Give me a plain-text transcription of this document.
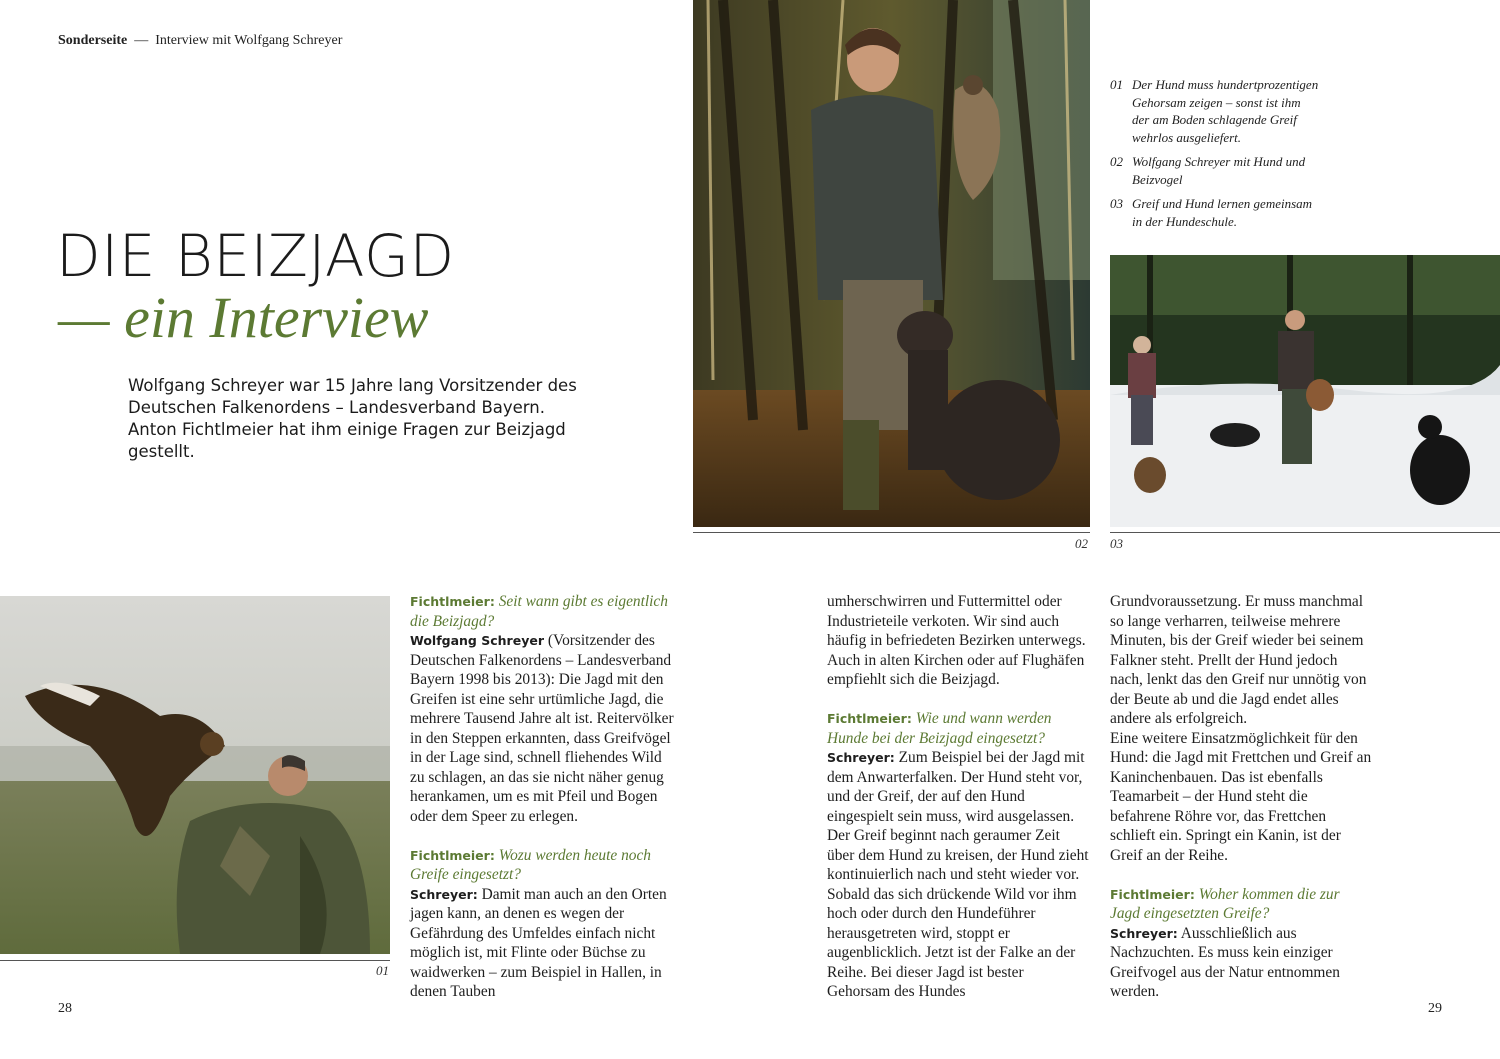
Sonderseite — Interview mit Wolfgang Schreyer
DIE BEIZJAGD
— ein Interview
Wolfgang Schreyer war 15 Jahre lang Vorsitzender des Deutschen Falkenordens – Landesverband Bayern. Anton Fichtlmeier hat ihm einige Fragen zur Beizjagd gestellt.
02 03
01 Der Hund muss hundertprozentigen Gehorsam zeigen – sonst ist ihm der am Boden schlagende Greif wehrlos ausgeliefert.
02 Wolfgang Schreyer mit Hund und Beizvogel
03 Greif und Hund lernen gemeinsam in der Hundeschule.
01

Fichtlmeier: Seit wann gibt es eigentlich die Beizjagd?

Wolfgang Schreyer (Vorsitzender des Deutschen Falkenordens – Landesverband Bayern 1998 bis 2013): Die Jagd mit den Greifen ist eine sehr urtümliche Jagd, die mehrere Tausend Jahre alt ist. Reitervölker in den Steppen erkannten, dass Greifvögel in der Lage sind, schnell fliehendes Wild zu schlagen, an das sie nicht näher genug herankamen, um es mit Pfeil und Bogen oder dem Speer zu erlegen.

Fichtlmeier: Wozu werden heute noch Greife eingesetzt?

Schreyer: Damit man auch an den Orten jagen kann, an denen es wegen der Gefährdung des Umfeldes einfach nicht möglich ist, mit Flinte oder Büchse zu waidwerken – zum Beispiel in Hallen, in denen Tauben

umherschwirren und Futtermittel oder Industrieteile verkoten. Wir sind auch häufig in befriedeten Bezirken unterwegs. Auch in alten Kirchen oder auf Flughäfen empfiehlt sich die Beizjagd.

Fichtlmeier: Wie und wann werden Hunde bei der Beizjagd eingesetzt?

Schreyer: Zum Beispiel bei der Jagd mit dem Anwarterfalken. Der Hund steht vor, und der Greif, der auf den Hund eingespielt sein muss, wird ausgelassen. Der Greif beginnt nach geraumer Zeit über dem Hund zu kreisen, der Hund zieht kontinuierlich nach und steht wieder vor. Sobald das sich drückende Wild vor ihm hoch oder durch den Hundeführer herausgetreten wird, stoppt er augenblicklich. Jetzt ist der Falke an der Reihe. Bei dieser Jagd ist bester Gehorsam des Hundes

Grundvoraussetzung. Er muss manchmal so lange verharren, teilweise mehrere Minuten, bis der Greif wieder bei seinem Falkner steht. Prellt der Hund jedoch nach, lenkt das den Greif nur unnötig von der Beute ab und die Jagd endet alles andere als erfolgreich.

Eine weitere Einsatzmöglichkeit für den Hund: die Jagd mit Frettchen und Greif an Kaninchenbauen. Das ist ebenfalls Teamarbeit – der Hund steht die befahrene Röhre vor, das Frettchen schlieft ein. Springt ein Kanin, ist der Greif an der Reihe.

Fichtlmeier: Woher kommen die zur Jagd eingesetzten Greife?

Schreyer: Ausschließlich aus Nachzuchten. Es muss kein einziger Greifvogel aus der Natur entnommen werden.

28	29
